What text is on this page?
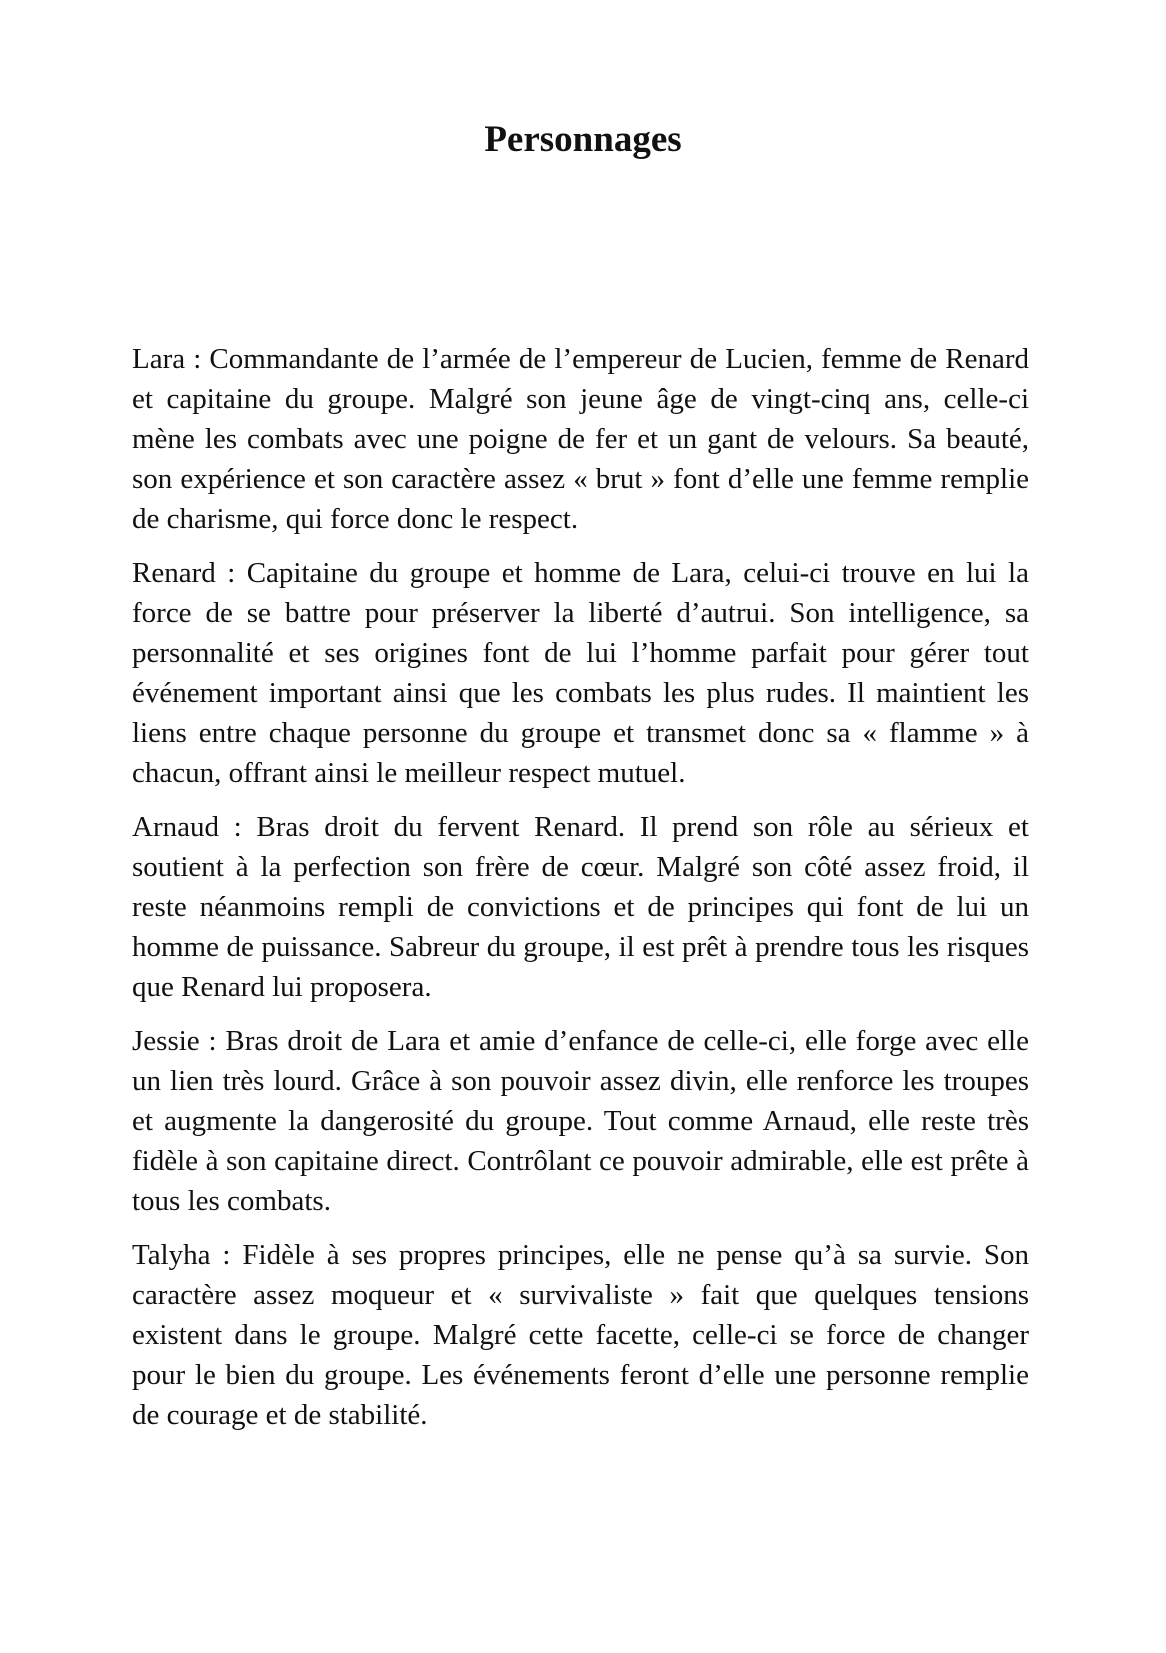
Personnages

Lara : Commandante de l’armée de l’empereur de Lucien, femme de Renard et capitaine du groupe. Malgré son jeune âge de vingt-cinq ans, celle-ci mène les combats avec une poigne de fer et un gant de velours. Sa beauté, son expérience et son caractère assez « brut » font d’elle une femme remplie de charisme, qui force donc le respect.

Renard : Capitaine du groupe et homme de Lara, celui-ci trouve en lui la force de se battre pour préserver la liberté d’autrui. Son intelligence, sa personnalité et ses origines font de lui l’homme parfait pour gérer tout événement important ainsi que les combats les plus rudes. Il maintient les liens entre chaque personne du groupe et transmet donc sa « flamme » à chacun, offrant ainsi le meilleur respect mutuel.

Arnaud : Bras droit du fervent Renard. Il prend son rôle au sérieux et soutient à la perfection son frère de cœur. Malgré son côté assez froid, il reste néanmoins rempli de convictions et de principes qui font de lui un homme de puissance. Sabreur du groupe, il est prêt à prendre tous les risques que Renard lui proposera.

Jessie : Bras droit de Lara et amie d’enfance de celle-ci, elle forge avec elle un lien très lourd. Grâce à son pouvoir assez divin, elle renforce les troupes et augmente la dangerosité du groupe. Tout comme Arnaud, elle reste très fidèle à son capitaine direct. Contrôlant ce pouvoir admirable, elle est prête à tous les combats.

Talyha : Fidèle à ses propres principes, elle ne pense qu’à sa survie. Son caractère assez moqueur et « survivaliste » fait que quelques tensions existent dans le groupe. Malgré cette facette, celle-ci se force de changer pour le bien du groupe. Les événements feront d’elle une personne remplie de courage et de stabilité.
